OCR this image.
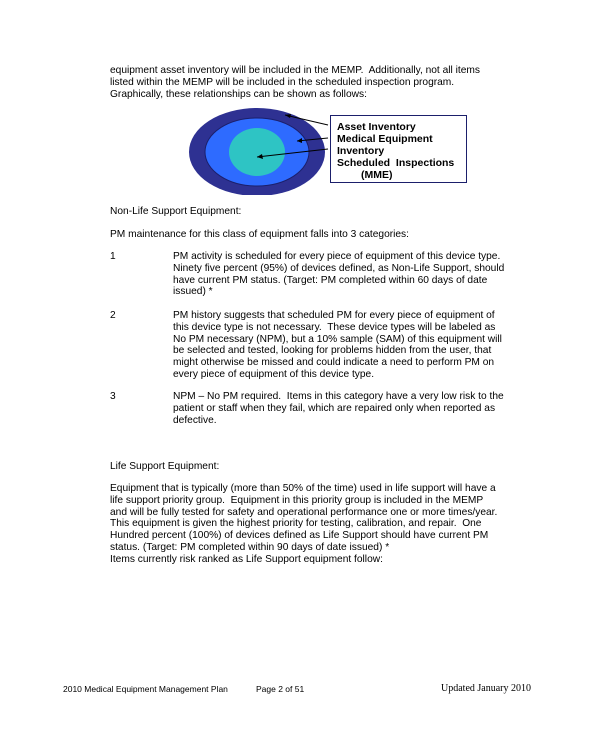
equipment asset inventory will be included in the MEMP.  Additionally, not all items
listed within the MEMP will be included in the scheduled inspection program.
Graphically, these relationships can be shown as follows:

Asset Inventory
Medical Equipment
Inventory
Scheduled  Inspections
(MME)

Non-Life Support Equipment:

PM maintenance for this class of equipment falls into 3 categories:

1	PM activity is scheduled for every piece of equipment of this device type.
Ninety five percent (95%) of devices defined, as Non-Life Support, should
have current PM status. (Target: PM completed within 60 days of date
issued) *

2	PM history suggests that scheduled PM for every piece of equipment of
this device type is not necessary.  These device types will be labeled as
No PM necessary (NPM), but a 10% sample (SAM) of this equipment will
be selected and tested, looking for problems hidden from the user, that
might otherwise be missed and could indicate a need to perform PM on
every piece of equipment of this device type.

3	NPM – No PM required.  Items in this category have a very low risk to the
patient or staff when they fail, which are repaired only when reported as
defective.

Life Support Equipment:

Equipment that is typically (more than 50% of the time) used in life support will have a
life support priority group.  Equipment in this priority group is included in the MEMP
and will be fully tested for safety and operational performance one or more times/year.
This equipment is given the highest priority for testing, calibration, and repair.  One
Hundred percent (100%) of devices defined as Life Support should have current PM
status. (Target: PM completed within 90 days of date issued) *
Items currently risk ranked as Life Support equipment follow:

2010 Medical Equipment Management Plan	Page 2 of 51	Updated January 2010
